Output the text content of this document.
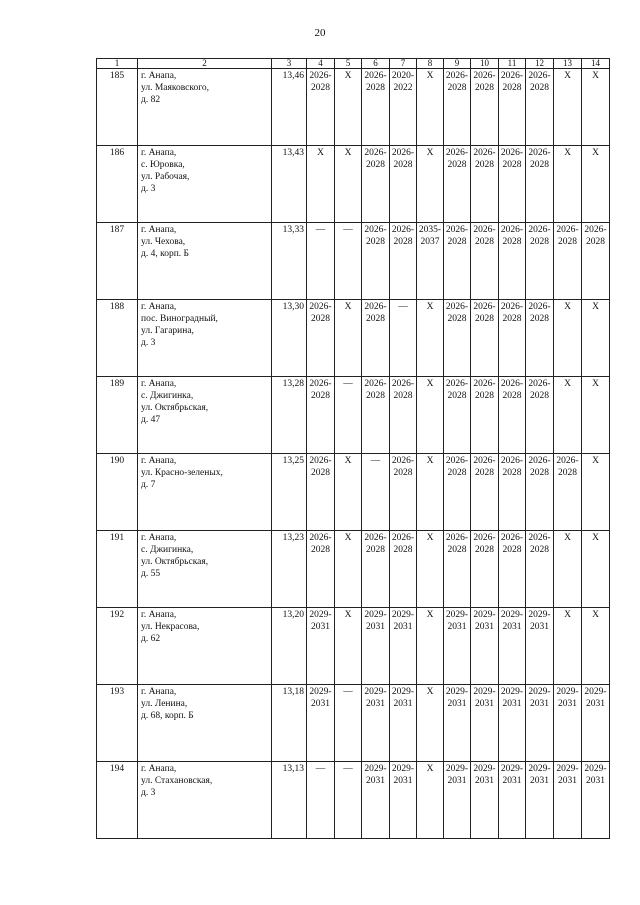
20
1	2	3	4	5	6	7	8	9	10	11	12	13	14
185	г. Анапа,
ул. Маяковского,
д. 82	13,46	2026-
2028	Х	2026-
2028	2020-
2022	Х	2026-
2028	2026-
2028	2026-
2028	2026-
2028	Х	Х
186	г. Анапа,
с. Юровка,
ул. Рабочая,
д. 3	13,43	Х	Х	2026-
2028	2026-
2028	Х	2026-
2028	2026-
2028	2026-
2028	2026-
2028	Х	Х
187	г. Анапа,
ул. Чехова,
д. 4, корп. Б	13,33	—	—	2026-
2028	2026-
2028	2035-
2037	2026-
2028	2026-
2028	2026-
2028	2026-
2028	2026-
2028	2026-
2028
188	г. Анапа,
пос. Виноградный,
ул. Гагарина,
д. 3	13,30	2026-
2028	Х	2026-
2028	—	Х	2026-
2028	2026-
2028	2026-
2028	2026-
2028	Х	Х
189	г. Анапа,
с. Джигинка,
ул. Октябрьская,
д. 47	13,28	2026-
2028	—	2026-
2028	2026-
2028	Х	2026-
2028	2026-
2028	2026-
2028	2026-
2028	Х	Х
190	г. Анапа,
ул. Красно-зеленых,
д. 7	13,25	2026-
2028	Х	—	2026-
2028	Х	2026-
2028	2026-
2028	2026-
2028	2026-
2028	2026-
2028	Х
191	г. Анапа,
с. Джигинка,
ул. Октябрьская,
д. 55	13,23	2026-
2028	Х	2026-
2028	2026-
2028	Х	2026-
2028	2026-
2028	2026-
2028	2026-
2028	Х	Х
192	г. Анапа,
ул. Некрасова,
д. 62	13,20	2029-
2031	Х	2029-
2031	2029-
2031	Х	2029-
2031	2029-
2031	2029-
2031	2029-
2031	Х	Х
193	г. Анапа,
ул. Ленина,
д. 68, корп. Б	13,18	2029-
2031	—	2029-
2031	2029-
2031	Х	2029-
2031	2029-
2031	2029-
2031	2029-
2031	2029-
2031	2029-
2031
194	г. Анапа,
ул. Стахановская,
д. 3	13,13	—	—	2029-
2031	2029-
2031	Х	2029-
2031	2029-
2031	2029-
2031	2029-
2031	2029-
2031	2029-
2031
